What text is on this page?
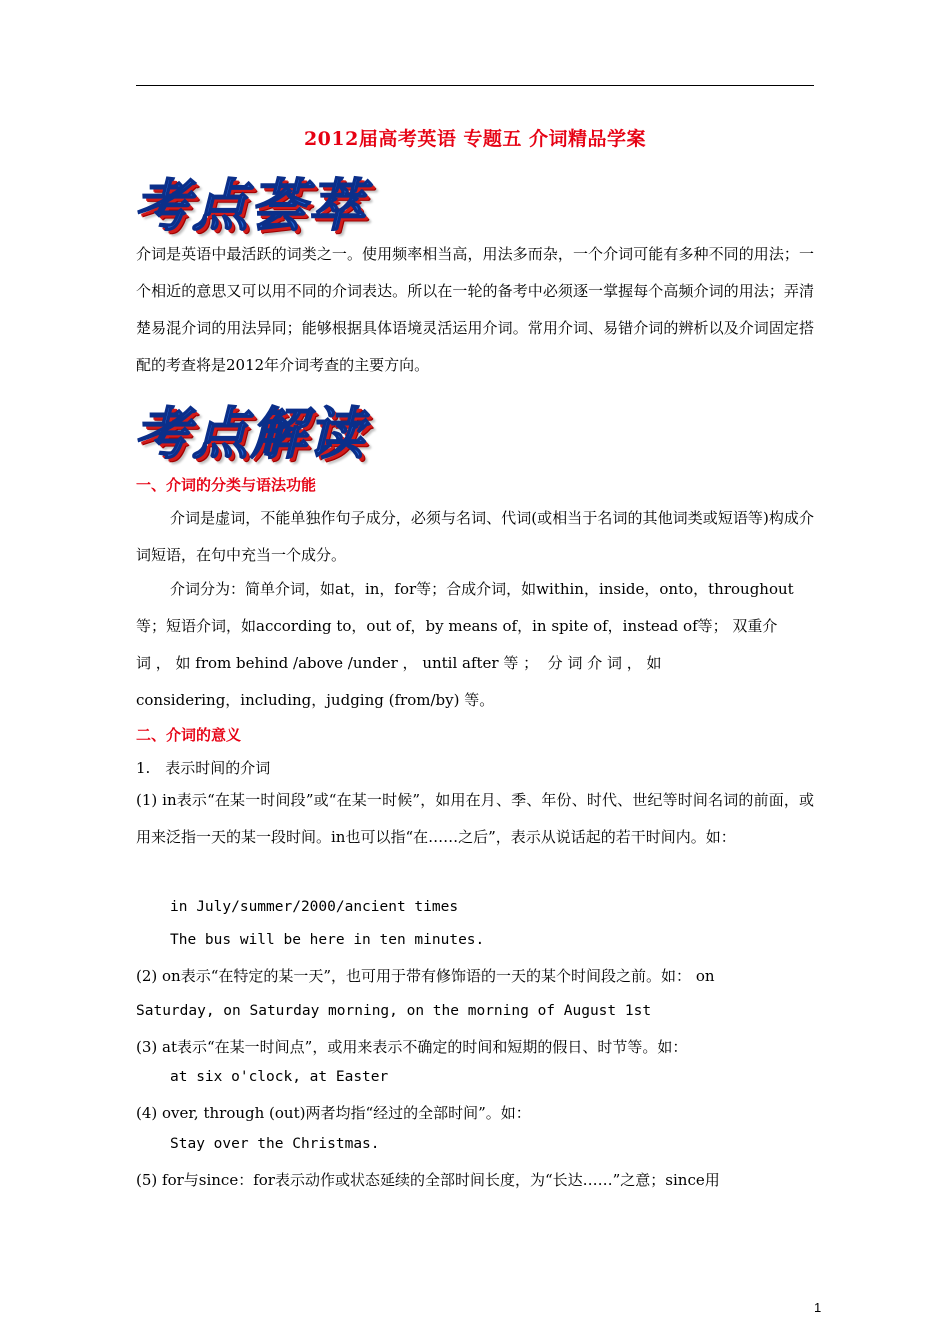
2012届高考英语 专题五 介词精品学案
考点荟萃
介词是英语中最活跃的词类之一。使用频率相当高，用法多而杂，一个介词可能有多种不同的用法；一个相近的意思又可以用不同的介词表达。所以在一轮的备考中必须逐一掌握每个高频介词的用法；弄清楚易混介词的用法异同；能够根据具体语境灵活运用介词。常用介词、易错介词的辨析以及介词固定搭配的考查将是2012年介词考查的主要方向。
考点解读
一、介词的分类与语法功能
介词是虚词，不能单独作句子成分，必须与名词、代词(或相当于名词的其他词类或短语等)构成介词短语，在句中充当一个成分。
介词分为：简单介词，如at，in，for等；合成介词，如within，inside，onto，throughout
等；短语介词，如according to，out of，by means of，in spite of，instead of等； 双重介
词 ， 如 from behind /above /under ， until after 等 ；  分 词 介 词 ， 如
considering，including，judging (from/by) 等。
二、介词的意义
1.　表示时间的介词
(1) in表示“在某一时间段”或“在某一时候”，如用在月、季、年份、时代、世纪等时间名词的前面，或用来泛指一天的某一段时间。in也可以指“在……之后”，表示从说话起的若干时间内。如：
in July/summer/2000/ancient times
The bus will be here in ten minutes.
(2) on表示“在特定的某一天”，也可用于带有修饰语的一天的某个时间段之前。如： on
Saturday, on Saturday morning, on the morning of August 1st
(3) at表示“在某一时间点”，或用来表示不确定的时间和短期的假日、时节等。如：
at six o'clock, at Easter
(4) over, through (out)两者均指“经过的全部时间”。如：
Stay over the Christmas.
(5) for与since：for表示动作或状态延续的全部时间长度，为“长达……”之意；since用
1
